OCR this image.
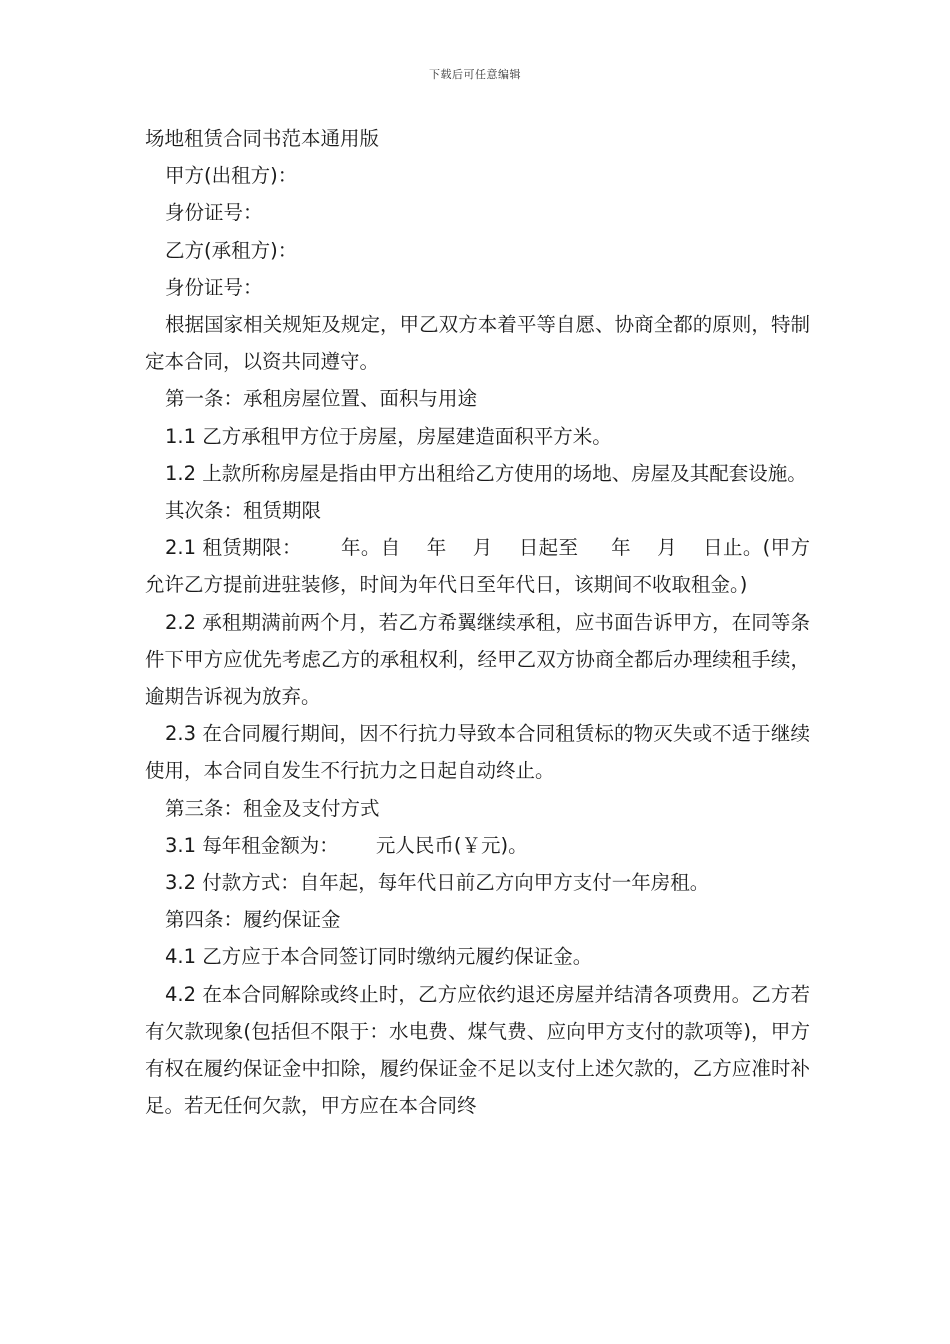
下载后可任意编辑

场地租赁合同书范本通用版

甲方(出租方)：

身份证号：

乙方(承租方)：

身份证号：

根据国家相关规矩及规定，甲乙双方本着平等自愿、协商全都的原则，特制定本合同，以资共同遵守。

第一条：承租房屋位置、面积与用途

1.1 乙方承租甲方位于房屋，房屋建造面积平方米。

1.2 上款所称房屋是指由甲方出租给乙方使用的场地、房屋及其配套设施。

其次条：租赁期限

2.1 租赁期限：      年。自    年    月    日起至     年    月    日止。(甲方允许乙方提前进驻装修，时间为年代日至年代日，该期间不收取租金。)

2.2 承租期满前两个月，若乙方希翼继续承租，应书面告诉甲方，在同等条件下甲方应优先考虑乙方的承租权利，经甲乙双方协商全都后办理续租手续，逾期告诉视为放弃。

2.3 在合同履行期间，因不行抗力导致本合同租赁标的物灭失或不适于继续使用，本合同自发生不行抗力之日起自动终止。

第三条：租金及支付方式

3.1 每年租金额为：      元人民币(￥元)。

3.2 付款方式：自年起，每年代日前乙方向甲方支付一年房租。

第四条：履约保证金

4.1 乙方应于本合同签订同时缴纳元履约保证金。

4.2 在本合同解除或终止时，乙方应依约退还房屋并结清各项费用。乙方若有欠款现象(包括但不限于：水电费、煤气费、应向甲方支付的款项等)，甲方有权在履约保证金中扣除，履约保证金不足以支付上述欠款的，乙方应准时补足。若无任何欠款，甲方应在本合同终
